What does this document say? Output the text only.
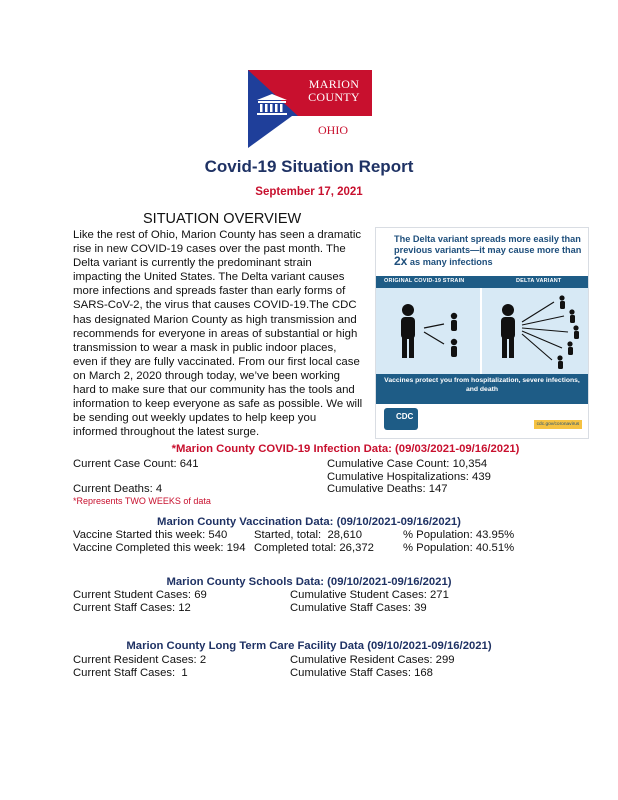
MARION
COUNTY
OHIO
Covid-19 Situation Report
September 17, 2021
SITUATION OVERVIEW

Like the rest of Ohio, Marion County has seen a dramatic rise in new COVID-19 cases over the past month. The Delta variant is currently the predominant strain impacting the United States. The Delta variant causes more infections and spreads faster than early forms of SARS-CoV-2, the virus that causes COVID-19.The CDC has designated Marion County as high transmission and recommends for everyone in areas of substantial or high transmission to wear a mask in public indoor places, even if they are fully vaccinated. From our first local case on March 2, 2020 through today, we’ve been working hard to make sure that our community has the tools and information to keep everyone as safe as possible. We will be sending out weekly updates to help keep you informed throughout the latest surge.

The Delta variant spreads more easily than previous variants—it may cause more than 2x as many infections
ORIGINAL COVID-19 STRAIN	DELTA VARIANT
Vaccines protect you from hospitalization, severe infections, and death
CDC
cdc.gov/coronavirus
*Marion County COVID-19 Infection Data: (09/03/2021-09/16/2021)
Current Case Count: 641	Cumulative Case Count: 10,354
Cumulative Hospitalizations: 439
Current Deaths: 4	Cumulative Deaths: 147
*Represents TWO WEEKS of data
Marion County Vaccination Data: (09/10/2021-09/16/2021)
Vaccine Started this week: 540 Started, total:  28,610	% Population: 43.95%
Vaccine Completed this week: 194 Completed total: 26,372	% Population: 40.51%
Marion County Schools Data: (09/10/2021-09/16/2021)
Current Student Cases: 69	Cumulative Student Cases: 271
Current Staff Cases: 12	Cumulative Staff Cases: 39
Marion County Long Term Care Facility Data (09/10/2021-09/16/2021)
Current Resident Cases: 2	Cumulative Resident Cases: 299
Current Staff Cases:  1	Cumulative Staff Cases: 168
